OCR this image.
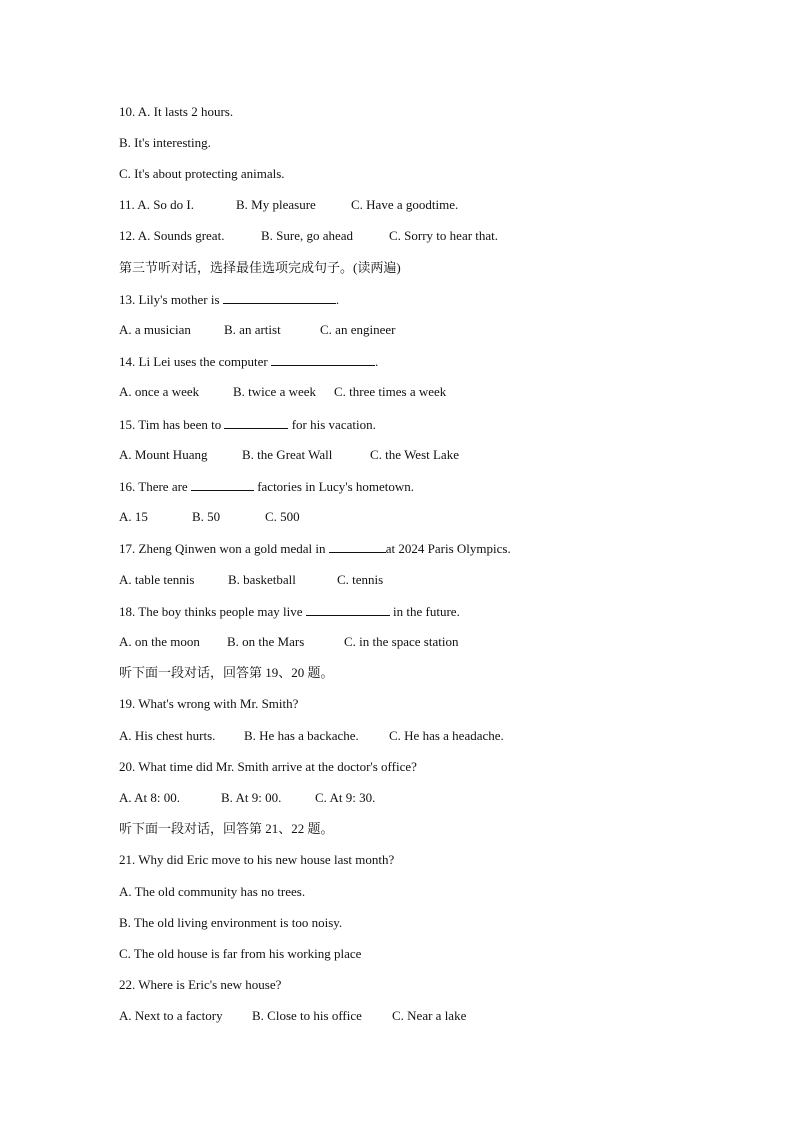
10. A. It lasts 2 hours.
B. It's interesting.
C. It's about protecting animals.
11. A. So do I.	B. My pleasure	C. Have a goodtime.
12. A. Sounds great.	B. Sure, go ahead	C. Sorry to hear that.
第三节听对话，选择最佳选项完成句子。(读两遍)
13. Lily's mother is	.
A. a musician	B. an artist	C. an engineer
14. Li Lei uses the computer	.
A. once a week	B. twice a week C. three times a week
15. Tim has been to	for his vacation.
A. Mount Huang	B. the Great Wall	C. the West Lake
16. There are	factories in Lucy's hometown.
A. 15	B. 50	C. 500
17. Zheng Qinwen won a gold medal in	at 2024 Paris Olympics.
A. table tennis	B. basketball	C. tennis
18. The boy thinks people may live	in the future.
A. on the moon B. on the Mars	C. in the space station
听下面一段对话，回答第 19、20 题。
19. What's wrong with Mr. Smith?
A. His chest hurts. B. He has a backache. C. He has a headache.
20. What time did Mr. Smith arrive at the doctor's office?
A. At 8: 00.	B. At 9: 00.	C. At 9: 30.
听下面一段对话，回答第 21、22 题。
21. Why did Eric move to his new house last month?
A. The old community has no trees.
B. The old living environment is too noisy.
C. The old house is far from his working place
22. Where is Eric's new house?
A. Next to a factory B. Close to his office C. Near a lake
